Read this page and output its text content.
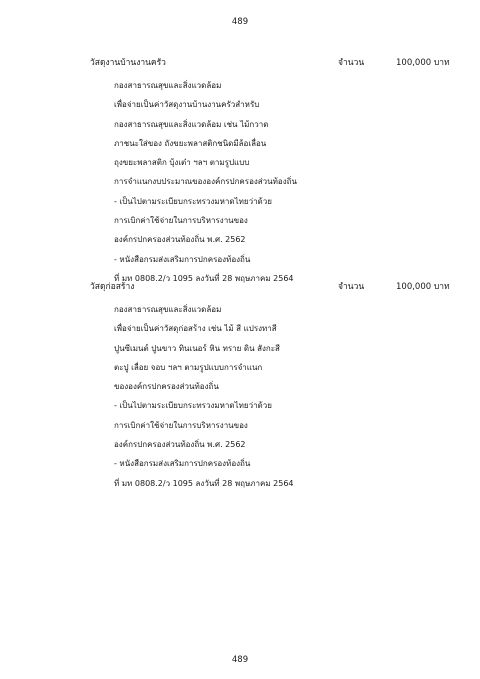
489
วัสดุงานบ้านงานครัว	จำนวน	100,000 บาท
กองสาธารณสุขและสิ่งแวดล้อม
เพื่อจ่ายเป็นค่าวัสดุงานบ้านงานครัวสำหรับ
กองสาธารณสุขและสิ่งแวดล้อม เช่น ไม้กวาด
ภาชนะใส่ของ ถังขยะพลาสติกชนิดมีล้อเลื่อน
ถุงขยะพลาสติก บุ้งเต๋า ฯลฯ ตามรูปแบบ
การจำแนกงบประมาณขององค์กรปกครองส่วนท้องถิ่น
- เป็นไปตามระเบียบกระทรวงมหาดไทยว่าด้วย
การเบิกค่าใช้จ่ายในการบริหารงานของ
องค์กรปกครองส่วนท้องถิ่น พ.ศ. 2562
- หนังสือกรมส่งเสริมการปกครองท้องถิ่น
ที่ มท 0808.2/ว 1095 ลงวันที่ 28 พฤษภาคม 2564
วัสดุก่อสร้าง	จำนวน	100,000 บาท
กองสาธารณสุขและสิ่งแวดล้อม
เพื่อจ่ายเป็นค่าวัสดุก่อสร้าง เช่น ไม้ สี แปรงทาสี
ปูนซีเมนต์ ปูนขาว ทินเนอร์ หิน ทราย ดิน สังกะสี
ตะปู เลื่อย จอบ ฯลฯ ตามรูปแบบการจำแนก
ขององค์กรปกครองส่วนท้องถิ่น
- เป็นไปตามระเบียบกระทรวงมหาดไทยว่าด้วย
การเบิกค่าใช้จ่ายในการบริหารงานของ
องค์กรปกครองส่วนท้องถิ่น พ.ศ. 2562
- หนังสือกรมส่งเสริมการปกครองท้องถิ่น
ที่ มท 0808.2/ว 1095 ลงวันที่ 28 พฤษภาคม 2564
489
